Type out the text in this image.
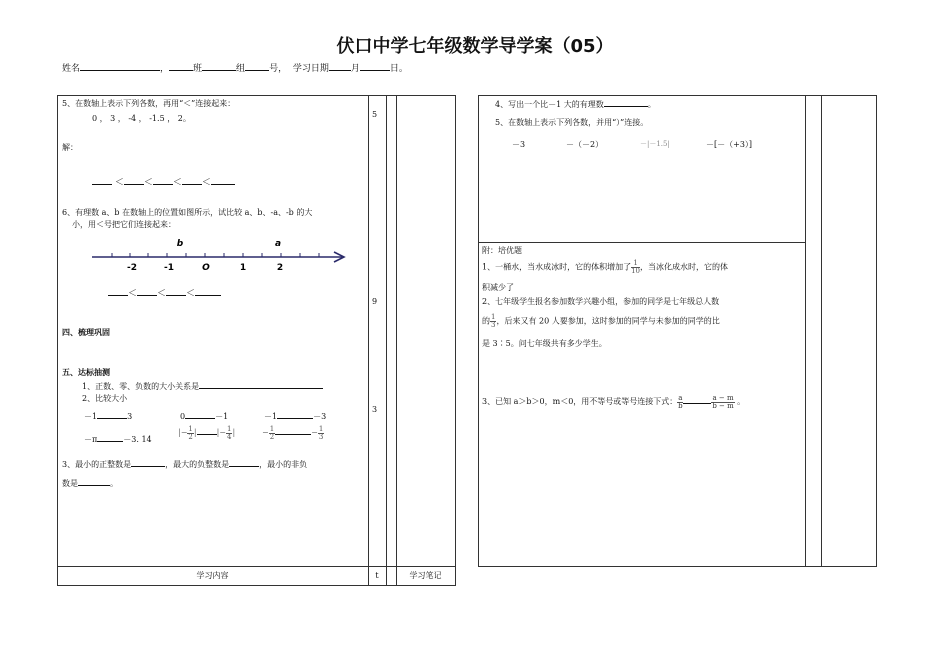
伏口中学七年级数学导学案（05）
姓名	，	班	组	号， 学习日期 月	日。
5
9
3
学习内容	t	学习笔记
5、在数轴上表示下列各数，再用“＜”连接起来：
0 ， 3 ， -4 ， -1.5 ， 2。
解：
＜ ＜ ＜ ＜
6、有理数 a、b 在数轴上的位置如图所示，试比较 a、b、-a、-b 的大
小，用＜号把它们连接起来：
b	a
-2	-1	O	1	2
＜ ＜ ＜
四、梳理巩固
五、达标抽测
1、正数、零、负数的大小关系是
2、比较大小
－1	3	0	－1	－1	－3
－π	－3. 14
|− $\frac{1}{2}$ |	|− $\frac{1}{4}$ |	− $\frac{1}{2}$	− $\frac{1}{3}$
3、最小的正整数是	，最大的负整数是	，最小的非负
数是	。
4、写出一个比－1 大的有理数	。
5、在数轴上表示下列各数，并用“）”连接。
－3	－（－2）	－|－1.5|	－[－（+3）]
附：培优题
1、一桶水，当水成冰时，它的体积增加了 $\frac{1}{10}$ ，当冰化成水时，它的体
积减少了
2、七年级学生报名参加数学兴趣小组，参加的同学是七年级总人数
的 $\frac{1}{3}$ ，后来又有 20 人要参加，这时参加的同学与未参加的同学的比
是 3∶5。问七年级共有多少学生。
3、已知 a＞b＞0，m＜0，用不等号或等号连接下式： $\frac{a}{b}$	$\frac{a - m}{b - m}$ 。
